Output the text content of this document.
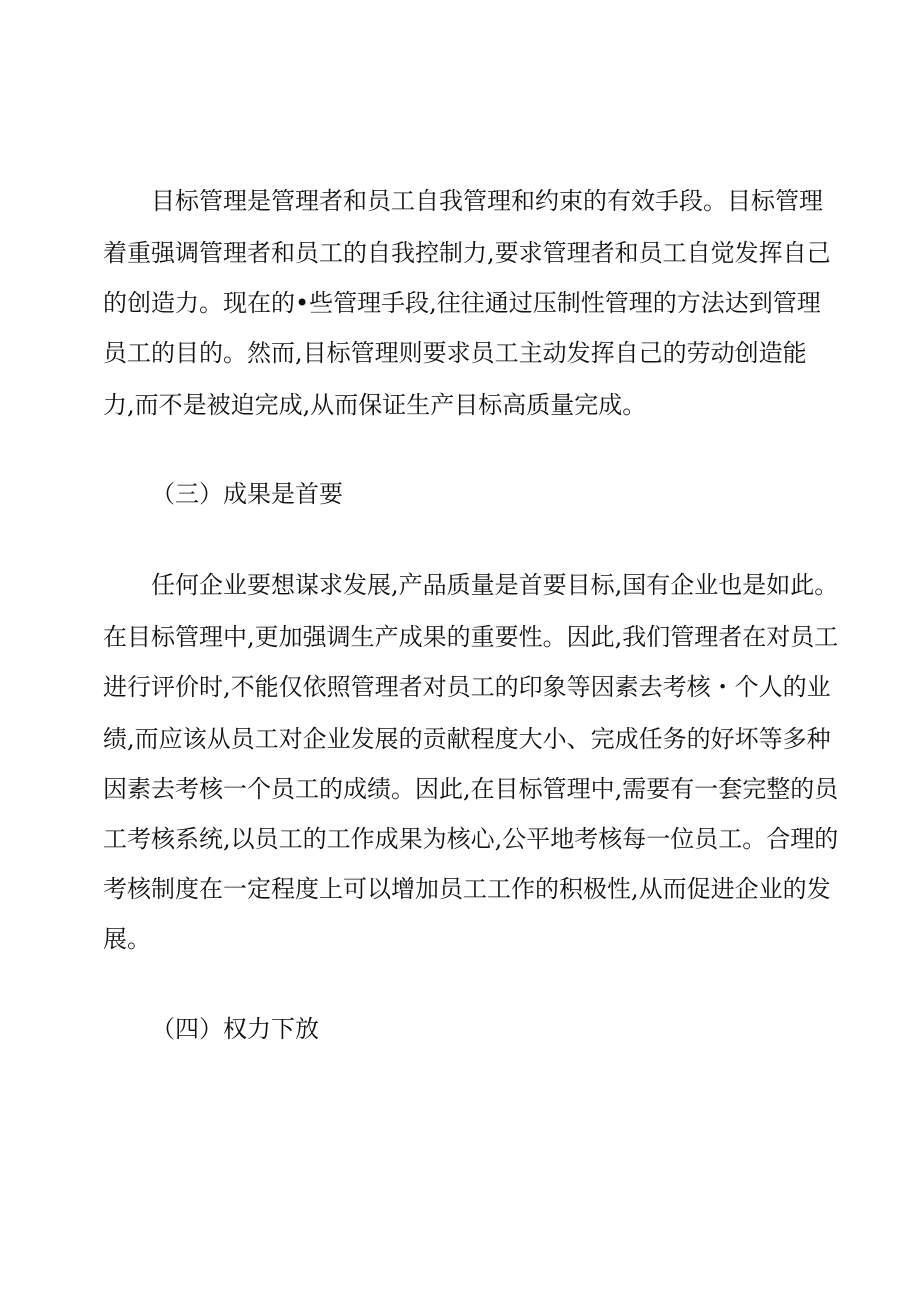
目标管理是管理者和员工自我管理和约束的有效手段。目标管理

着重强调管理者和员工的自我控制力,要求管理者和员工自觉发挥自己

的创造力。现在的•些管理手段,往往通过压制性管理的方法达到管理

员工的目的。然而,目标管理则要求员工主动发挥自己的劳动创造能

力,而不是被迫完成,从而保证生产目标高质量完成。

（三）成果是首要

任何企业要想谋求发展,产品质量是首要目标,国有企业也是如此。

在目标管理中,更加强调生产成果的重要性。因此,我们管理者在对员工

进行评价时,不能仅依照管理者对员工的印象等因素去考核・个人的业

绩,而应该从员工对企业发展的贡献程度大小、完成任务的好坏等多种

因素去考核一个员工的成绩。因此,在目标管理中,需要有一套完整的员

工考核系统,以员工的工作成果为核心,公平地考核每一位员工。合理的

考核制度在一定程度上可以增加员工工作的积极性,从而促进企业的发

展。

（四）权力下放
